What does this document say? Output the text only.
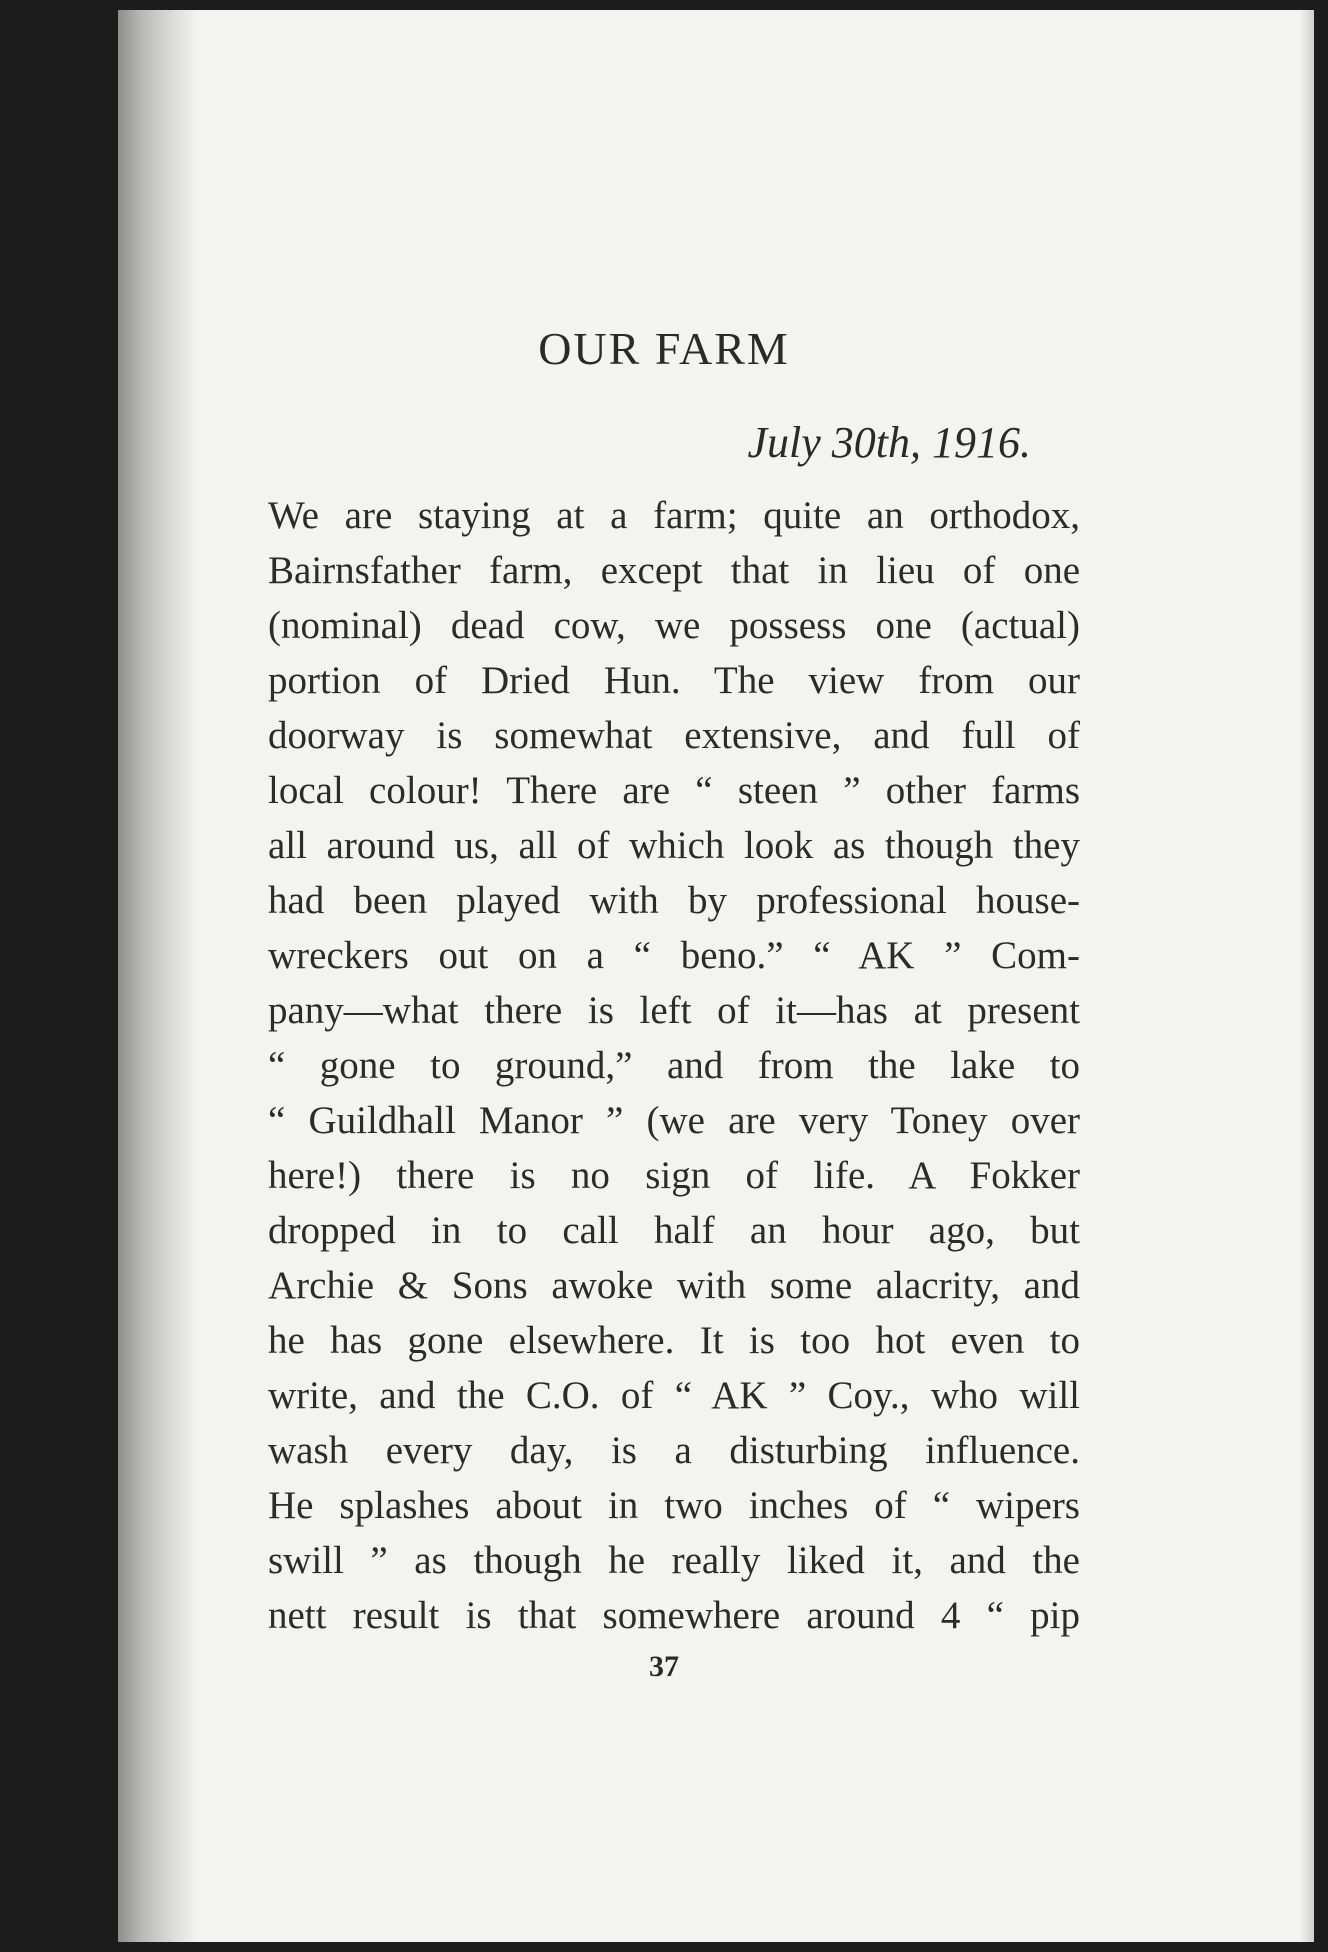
OUR FARM
July 30th, 1916.
We are staying at a farm; quite an orthodox,
Bairnsfather farm, except that in lieu of one
(nominal) dead cow, we possess one (actual)
portion of Dried Hun. The view from our
doorway is somewhat extensive, and full of
local colour! There are “ steen ” other farms
all around us, all of which look as though they
had been played with by professional house-
wreckers out on a “ beno.” “ AK ” Com-
pany—what there is left of it—has at present
“ gone to ground,” and from the lake to
“ Guildhall Manor ” (we are very Toney over
here!) there is no sign of life. A Fokker
dropped in to call half an hour ago, but
Archie & Sons awoke with some alacrity, and
he has gone elsewhere. It is too hot even to
write, and the C.O. of “ AK ” Coy., who will
wash every day, is a disturbing influence.
He splashes about in two inches of “ wipers
swill ” as though he really liked it, and the
nett result is that somewhere around 4 “ pip
37
